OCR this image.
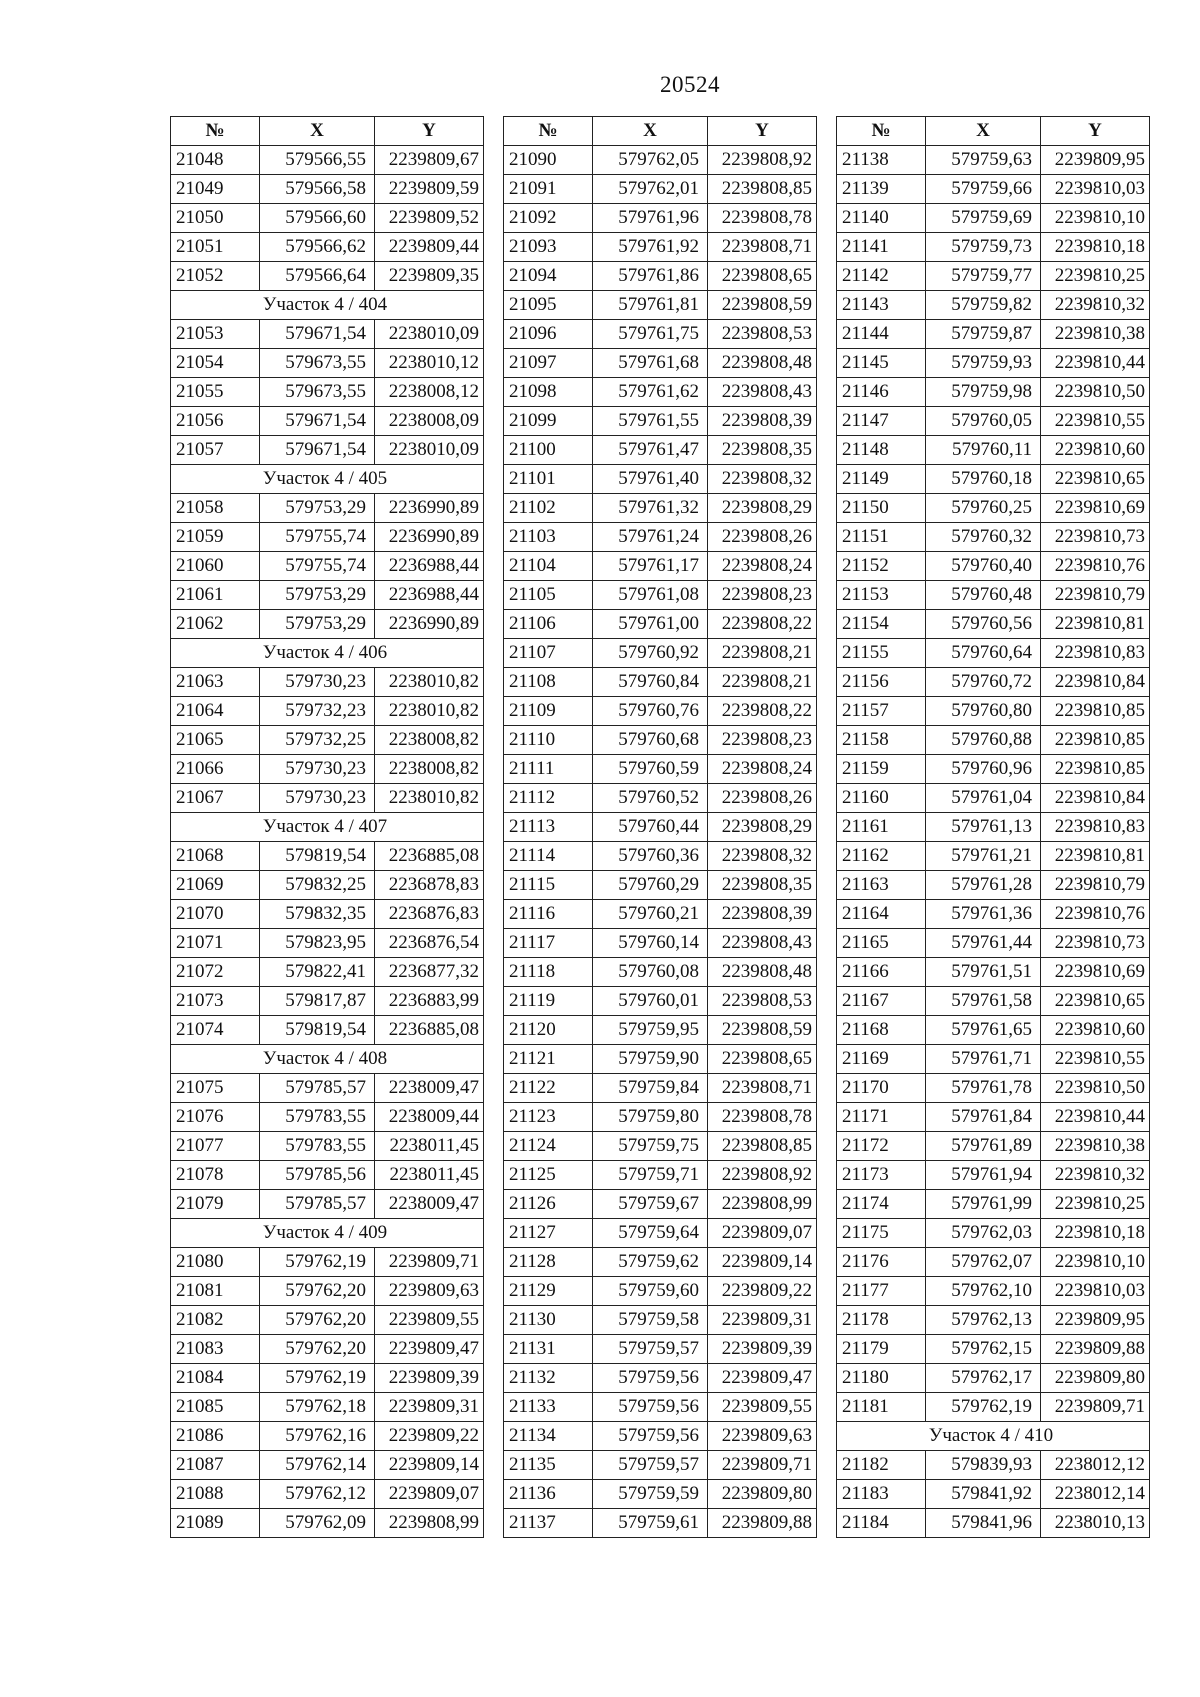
20524
№	X	Y
21048	579566,55	2239809,67
21049	579566,58	2239809,59
21050	579566,60	2239809,52
21051	579566,62	2239809,44
21052	579566,64	2239809,35
Участок 4 / 404		
21053	579671,54	2238010,09
21054	579673,55	2238010,12
21055	579673,55	2238008,12
21056	579671,54	2238008,09
21057	579671,54	2238010,09
Участок 4 / 405		
21058	579753,29	2236990,89
21059	579755,74	2236990,89
21060	579755,74	2236988,44
21061	579753,29	2236988,44
21062	579753,29	2236990,89
Участок 4 / 406		
21063	579730,23	2238010,82
21064	579732,23	2238010,82
21065	579732,25	2238008,82
21066	579730,23	2238008,82
21067	579730,23	2238010,82
Участок 4 / 407		
21068	579819,54	2236885,08
21069	579832,25	2236878,83
21070	579832,35	2236876,83
21071	579823,95	2236876,54
21072	579822,41	2236877,32
21073	579817,87	2236883,99
21074	579819,54	2236885,08
Участок 4 / 408		
21075	579785,57	2238009,47
21076	579783,55	2238009,44
21077	579783,55	2238011,45
21078	579785,56	2238011,45
21079	579785,57	2238009,47
Участок 4 / 409		
21080	579762,19	2239809,71
21081	579762,20	2239809,63
21082	579762,20	2239809,55
21083	579762,20	2239809,47
21084	579762,19	2239809,39
21085	579762,18	2239809,31
21086	579762,16	2239809,22
21087	579762,14	2239809,14
21088	579762,12	2239809,07
21089	579762,09	2239808,99
№	X	Y
21090	579762,05	2239808,92
21091	579762,01	2239808,85
21092	579761,96	2239808,78
21093	579761,92	2239808,71
21094	579761,86	2239808,65
21095	579761,81	2239808,59
21096	579761,75	2239808,53
21097	579761,68	2239808,48
21098	579761,62	2239808,43
21099	579761,55	2239808,39
21100	579761,47	2239808,35
21101	579761,40	2239808,32
21102	579761,32	2239808,29
21103	579761,24	2239808,26
21104	579761,17	2239808,24
21105	579761,08	2239808,23
21106	579761,00	2239808,22
21107	579760,92	2239808,21
21108	579760,84	2239808,21
21109	579760,76	2239808,22
21110	579760,68	2239808,23
21111	579760,59	2239808,24
21112	579760,52	2239808,26
21113	579760,44	2239808,29
21114	579760,36	2239808,32
21115	579760,29	2239808,35
21116	579760,21	2239808,39
21117	579760,14	2239808,43
21118	579760,08	2239808,48
21119	579760,01	2239808,53
21120	579759,95	2239808,59
21121	579759,90	2239808,65
21122	579759,84	2239808,71
21123	579759,80	2239808,78
21124	579759,75	2239808,85
21125	579759,71	2239808,92
21126	579759,67	2239808,99
21127	579759,64	2239809,07
21128	579759,62	2239809,14
21129	579759,60	2239809,22
21130	579759,58	2239809,31
21131	579759,57	2239809,39
21132	579759,56	2239809,47
21133	579759,56	2239809,55
21134	579759,56	2239809,63
21135	579759,57	2239809,71
21136	579759,59	2239809,80
21137	579759,61	2239809,88
№	X	Y
21138	579759,63	2239809,95
21139	579759,66	2239810,03
21140	579759,69	2239810,10
21141	579759,73	2239810,18
21142	579759,77	2239810,25
21143	579759,82	2239810,32
21144	579759,87	2239810,38
21145	579759,93	2239810,44
21146	579759,98	2239810,50
21147	579760,05	2239810,55
21148	579760,11	2239810,60
21149	579760,18	2239810,65
21150	579760,25	2239810,69
21151	579760,32	2239810,73
21152	579760,40	2239810,76
21153	579760,48	2239810,79
21154	579760,56	2239810,81
21155	579760,64	2239810,83
21156	579760,72	2239810,84
21157	579760,80	2239810,85
21158	579760,88	2239810,85
21159	579760,96	2239810,85
21160	579761,04	2239810,84
21161	579761,13	2239810,83
21162	579761,21	2239810,81
21163	579761,28	2239810,79
21164	579761,36	2239810,76
21165	579761,44	2239810,73
21166	579761,51	2239810,69
21167	579761,58	2239810,65
21168	579761,65	2239810,60
21169	579761,71	2239810,55
21170	579761,78	2239810,50
21171	579761,84	2239810,44
21172	579761,89	2239810,38
21173	579761,94	2239810,32
21174	579761,99	2239810,25
21175	579762,03	2239810,18
21176	579762,07	2239810,10
21177	579762,10	2239810,03
21178	579762,13	2239809,95
21179	579762,15	2239809,88
21180	579762,17	2239809,80
21181	579762,19	2239809,71
Участок 4 / 410		
21182	579839,93	2238012,12
21183	579841,92	2238012,14
21184	579841,96	2238010,13
